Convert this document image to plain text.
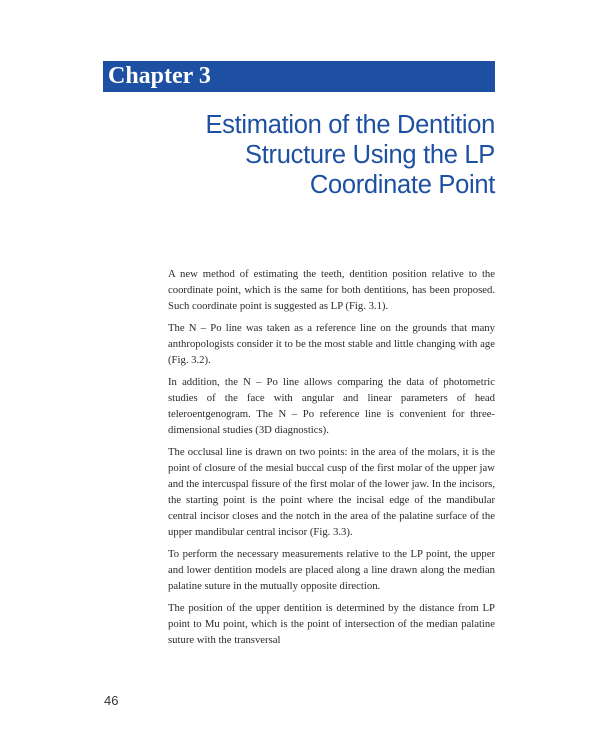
Chapter 3
Estimation of the Dentition
Structure Using the LP
Coordinate Point

A new method of estimating the teeth, dentition position relative to the coordinate point, which is the same for both dentitions, has been proposed. Such coordinate point is suggested as LP (Fig. 3.1).

The N – Po line was taken as a reference line on the grounds that many anthropologists consider it to be the most stable and little changing with age (Fig. 3.2).

In addition, the N – Po line allows comparing the data of photometric studies of the face with angular and linear parameters of head teleroentgenogram. The N – Po reference line is convenient for three-dimensional studies (3D diagnostics).

The occlusal line is drawn on two points: in the area of the molars, it is the point of closure of the mesial buccal cusp of the first molar of the upper jaw and the intercuspal fissure of the first molar of the lower jaw. In the incisors, the starting point is the point where the incisal edge of the mandibular central incisor closes and the notch in the area of the palatine surface of the upper mandibular central incisor (Fig. 3.3).

To perform the necessary measurements relative to the LP point, the upper and lower dentition models are placed along a line drawn along the median palatine suture in the mutually opposite direction.

The position of the upper dentition is determined by the distance from LP point to Mu point, which is the point of intersection of the median palatine suture with the transversal

46
